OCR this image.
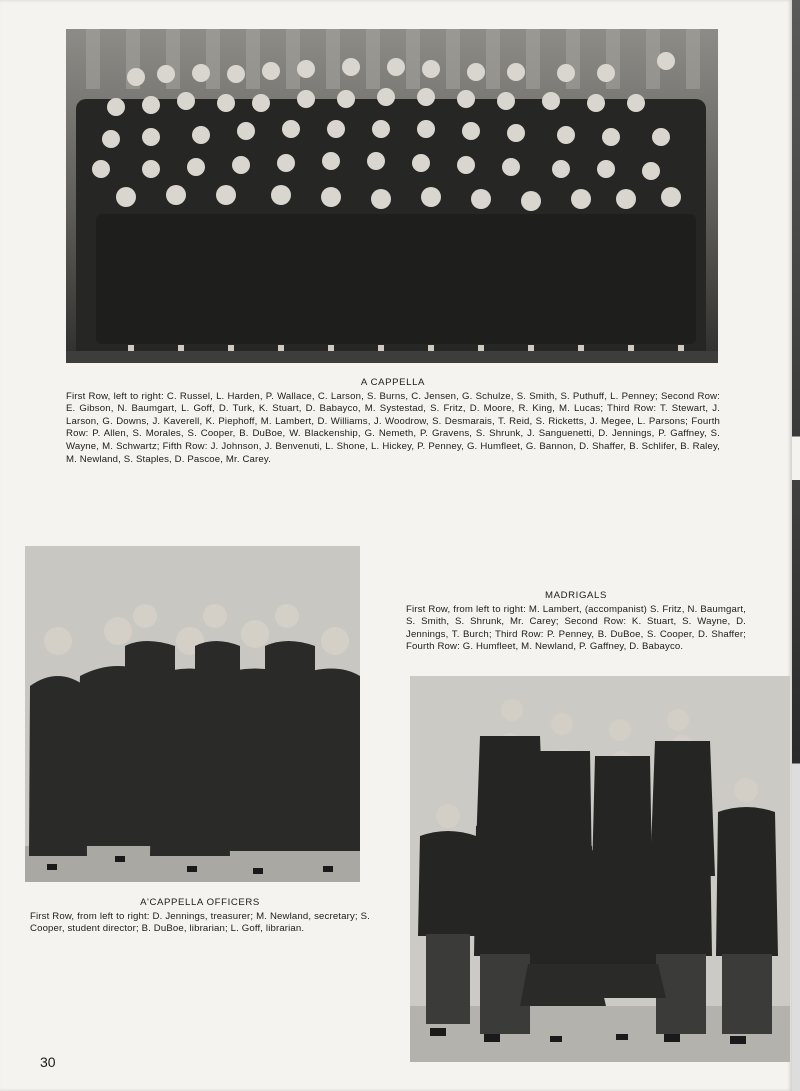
A CAPPELLA
First Row, left to right: C. Russel, L. Harden, P. Wallace, C. Larson, S. Burns, C. Jensen, G. Schulze, S. Smith, S. Puthuff, L. Penney; Second Row: E. Gibson, N. Baumgart, L. Goff, D. Turk, K. Stuart, D. Babayco, M. Systestad, S. Fritz, D. Moore, R. King, M. Lucas; Third Row: T. Stewart, J. Larson, G. Downs, J. Kaverell, K. Piephoff, M. Lambert, D. Williams, J. Woodrow, S. Desmarais, T. Reid, S. Ricketts, J. Megee, L. Parsons; Fourth Row: P. Allen, S. Morales, S. Cooper, B. DuBoe, W. Blackenship, G. Nemeth, P. Gravens, S. Shrunk, J. Sanguenetti, D. Jennings, P. Gaffney, S. Wayne, M. Schwartz; Fifth Row: J. Johnson, J. Benvenuti, L. Shone, L. Hickey, P. Penney, G. Humfleet, G. Bannon, D. Shaffer, B. Schlifer, B. Raley, M. Newland, S. Staples, D. Pascoe, Mr. Carey.
A'CAPPELLA OFFICERS
First Row, from left to right: D. Jennings, treasurer; M. Newland, secretary; S. Cooper, student director; B. DuBoe, librarian; L. Goff, librarian.
MADRIGALS
First Row, from left to right: M. Lambert, (accompanist) S. Fritz, N. Baumgart, S. Smith, S. Shrunk, Mr. Carey; Second Row: K. Stuart, S. Wayne, D. Jennings, T. Burch; Third Row: P. Penney, B. DuBoe, S. Cooper, D. Shaffer; Fourth Row: G. Humfleet, M. Newland, P. Gaffney, D. Babayco.
30
